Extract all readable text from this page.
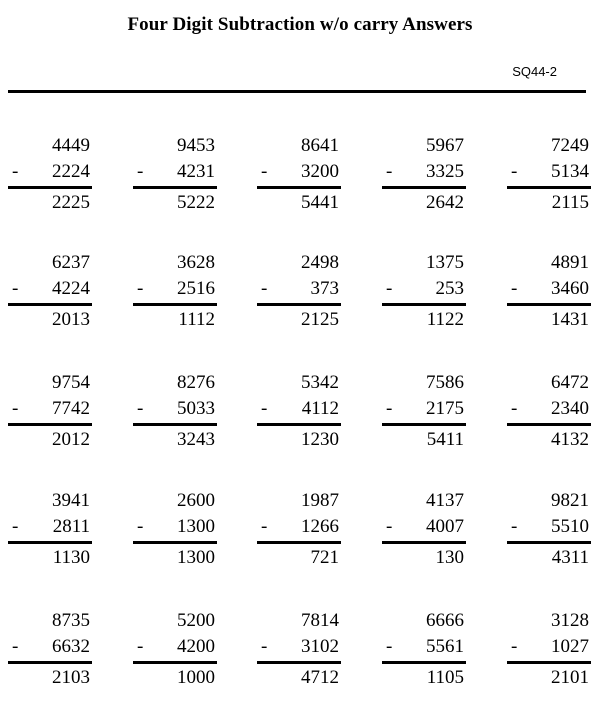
Four Digit Subtraction w/o carry Answers
SQ44-2
4449
- 2224
2225
9453
- 4231
5222
8641
- 3200
5441
5967
- 3325
2642
7249
- 5134
2115
6237
- 4224
2013
3628
- 2516
1112
2498
- 373
2125
1375
- 253
1122
4891
- 3460
1431
9754
- 7742
2012
8276
- 5033
3243
5342
- 4112
1230
7586
- 2175
5411
6472
- 2340
4132
3941
- 2811
1130
2600
- 1300
1300
1987
- 1266
721
4137
- 4007
130
9821
- 5510
4311
8735
- 6632
2103
5200
- 4200
1000
7814
- 3102
4712
6666
- 5561
1105
3128
- 1027
2101
